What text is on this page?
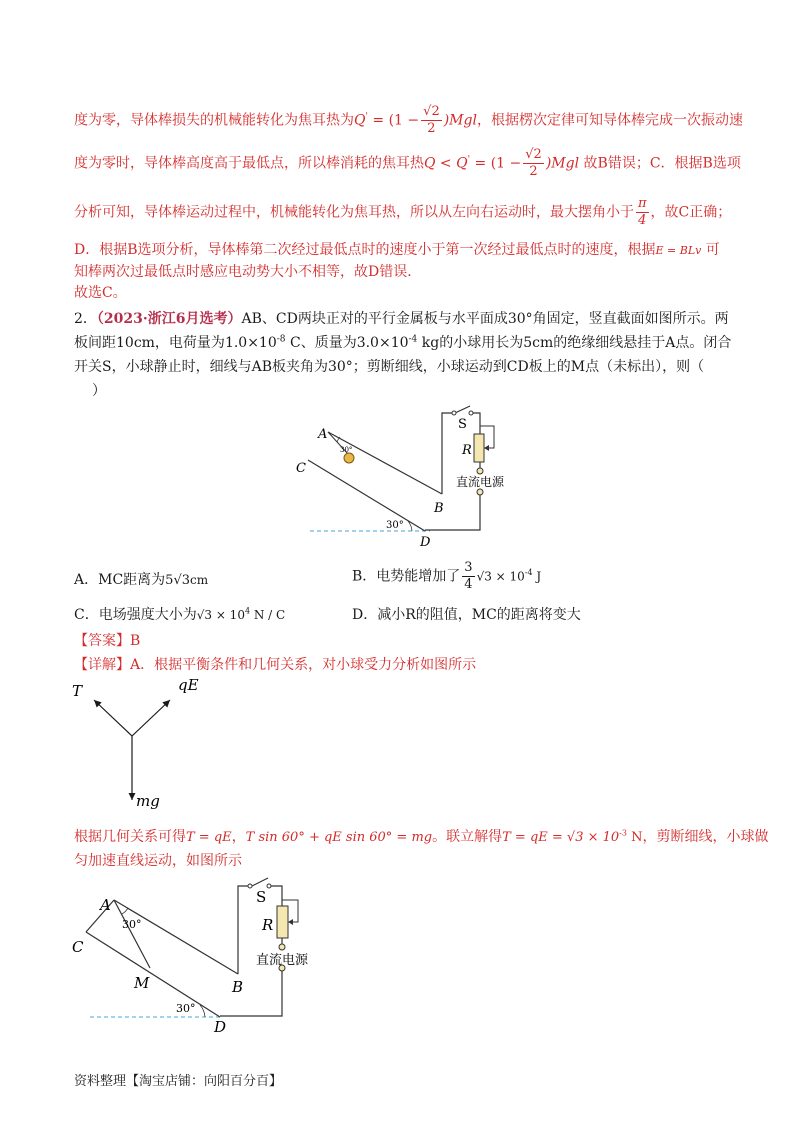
度为零，导体棒损失的机械能转化为焦耳热为$Q' = (1 - \frac{√2}{2} )Mgl$，根据楞次定律可知导体棒完成一次振动速
度为零时，导体棒高度高于最低点，所以棒消耗的焦耳热$Q < Q' = (1 - \frac{√2}{2} )Mgl$ 故B错误；C．根据B选项
分析可知，导体棒运动过程中，机械能转化为焦耳热，所以从左向右运动时，最大摆角小于 $\frac{\pi}{4}$ ，故C正确；
D．根据B选项分析，导体棒第二次经过最低点时的速度小于第一次经过最低点时的速度，根据E = BLv 可
知棒两次过最低点时感应电动势大小不相等，故D错误．
故选C。
2．（2023·浙江6月选考）AB、CD两块正对的平行金属板与水平面成30°角固定，竖直截面如图所示。两
板间距10cm，电荷量为$1.0\times 10^{-8}$ C、质量为$3.0\times 10^{-4}$ kg的小球用长为5cm的绝缘细线悬挂于A点。闭合
开关S，小球静止时，细线与AB板夹角为30°；剪断细线，小球运动到CD板上的M点（未标出），则（
）
A
B
C
D
S
R
30°
30°
直流电源
A．MC距离为5√3cm	B．电势能增加了 $\frac{3}{4} √3 \times 10^{-4}$ J
C．电场强度大小为$√3 \times 10^4$ N / C	D．减小R的阻值，MC的距离将变大
【答案】B
【详解】A．根据平衡条件和几何关系，对小球受力分析如图所示
T	qE
mg
根据几何关系可得T = qE，T sin 60° + qE sin 60° = mg。联立解得T = qE = $√3 \times 10^{-3}$ N，剪断细线，小球做
匀加速直线运动，如图所示
A
B
C
D
M
S
R
30°
30°
直流电源
资料整理【淘宝店铺：向阳百分百】
